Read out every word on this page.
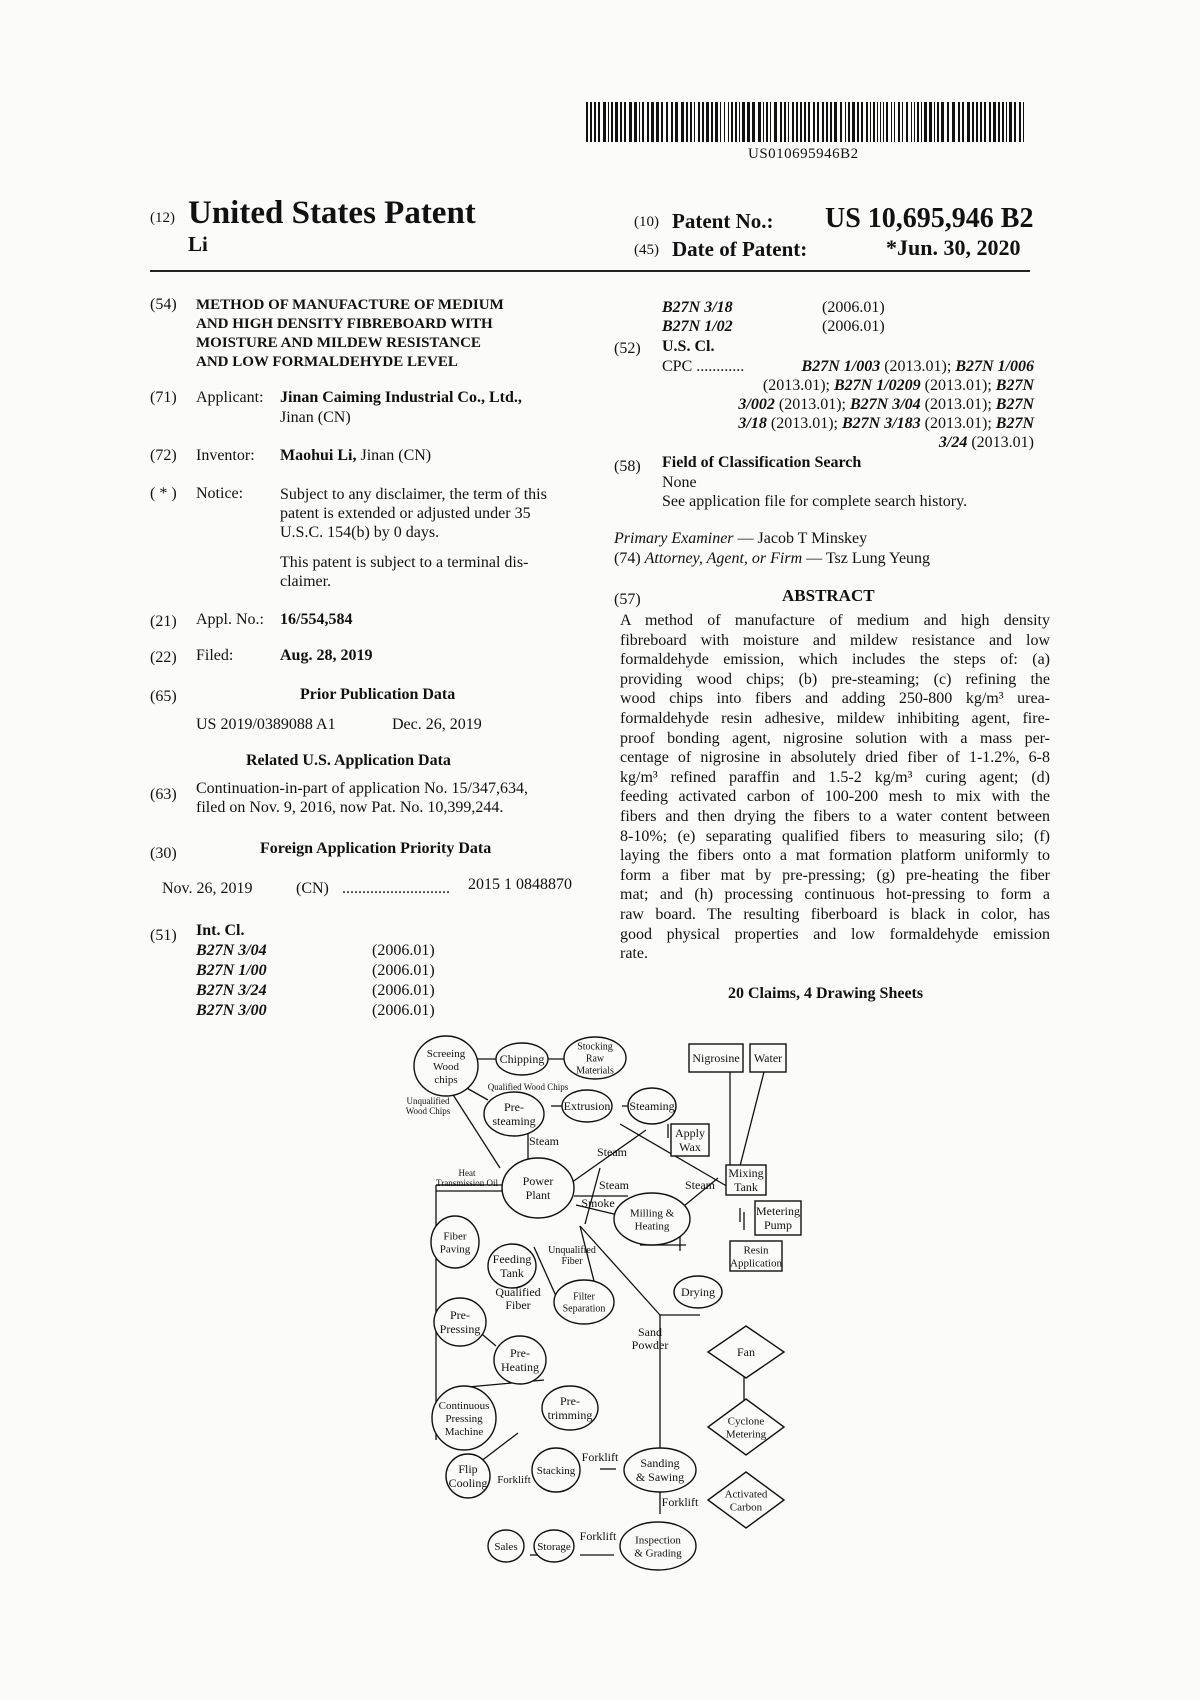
US010695946B2
(12) United States Patent
Li
(10) Patent No.: US 10,695,946 B2
(45) Date of Patent:	*Jun. 30, 2020
(54) METHOD OF MANUFACTURE OF MEDIUM
AND HIGH DENSITY FIBREBOARD WITH
MOISTURE AND MILDEW RESISTANCE
AND LOW FORMALDEHYDE LEVEL
(71) Applicant: Jinan Caiming Industrial Co., Ltd.,
Jinan (CN)
(72) Inventor: Maohui Li, Jinan (CN)
( * ) Notice: Subject to any disclaimer, the term of this
patent is extended or adjusted under 35
U.S.C. 154(b) by 0 days.
This patent is subject to a terminal dis-
claimer.
(21) Appl. No.: 16/554,584
(22) Filed:	Aug. 28, 2019
(65)	Prior Publication Data
US 2019/0389088 A1	Dec. 26, 2019
Related U.S. Application Data
(63) Continuation-in-part of application No. 15/347,634,
filed on Nov. 9, 2016, now Pat. No. 10,399,244.
(30)	Foreign Application Priority Data
Nov. 26, 2019	(CN) ........................... 2015 1 0848870
(51) Int. Cl.
B27N 3/04	(2006.01)
B27N 1/00	(2006.01)
B27N 3/24	(2006.01)
B27N 3/00	(2006.01)
B27N 3/18	(2006.01)
B27N 1/02	(2006.01)
(52) U.S. Cl.
CPC ............	B27N 1/003 (2013.01); B27N 1/006
(2013.01); B27N 1/0209 (2013.01); B27N
3/002 (2013.01); B27N 3/04 (2013.01); B27N
3/18 (2013.01); B27N 3/183 (2013.01); B27N
3/24 (2013.01)
(58) Field of Classification Search
None
See application file for complete search history.
Primary Examiner — Jacob T Minskey
(74) Attorney, Agent, or Firm — Tsz Lung Yeung
(57)	ABSTRACT
A method of manufacture of medium and high density
fibreboard with moisture and mildew resistance and low
formaldehyde emission, which includes the steps of: (a)
providing wood chips; (b) pre-steaming; (c) refining the
wood chips into fibers and adding 250-800 kg/m³ urea-
formaldehyde resin adhesive, mildew inhibiting agent, fire-
proof bonding agent, nigrosine solution with a mass per-
centage of nigrosine in absolutely dried fiber of 1-1.2%, 6-8
kg/m³ refined paraffin and 1.5-2 kg/m³ curing agent; (d)
feeding activated carbon of 100-200 mesh to mix with the
fibers and then drying the fibers to a water content between
8-10%; (e) separating qualified fibers to measuring silo; (f)
laying the fibers onto a mat formation platform uniformly to
form a fiber mat by pre-pressing; (g) pre-heating the fiber
mat; and (h) processing continuous hot-pressing to form a
raw board. The resulting fiberboard is black in color, has
good physical properties and low formaldehyde emission
rate.
20 Claims, 4 Drawing Sheets
Screeing
Wood
chips
Chipping
Stocking
Raw
Materials
Nigrosine Water
Pre-
steaming
Extrusion Steaming
Apply
Wax
Power
Plant
Mixing
Tank
Milling &
Heating
Metering
Pump
Resin
Application
Fiber
Paving
Feeding
Tank
Filter
Separation
Drying
Pre-
Pressing
Pre-
Heating
Fan
Continuous
Pressing
Machine
Pre-
trimming	Cyclone
Metering
Flip
Cooling
Stacking
Sanding
& Sawing
Activated
Carbon
Sales Storage
Inspection
& Grading
Qualified Wood Chips
Unqualified
Wood Chips
Steam
Steam
Steam	Steam
Heat
Transmission Oil
Smoke
Unqualified
Fiber
Qualified
Fiber
Sand
Powder
Forklift
Forklift
Forklift
Forklift
